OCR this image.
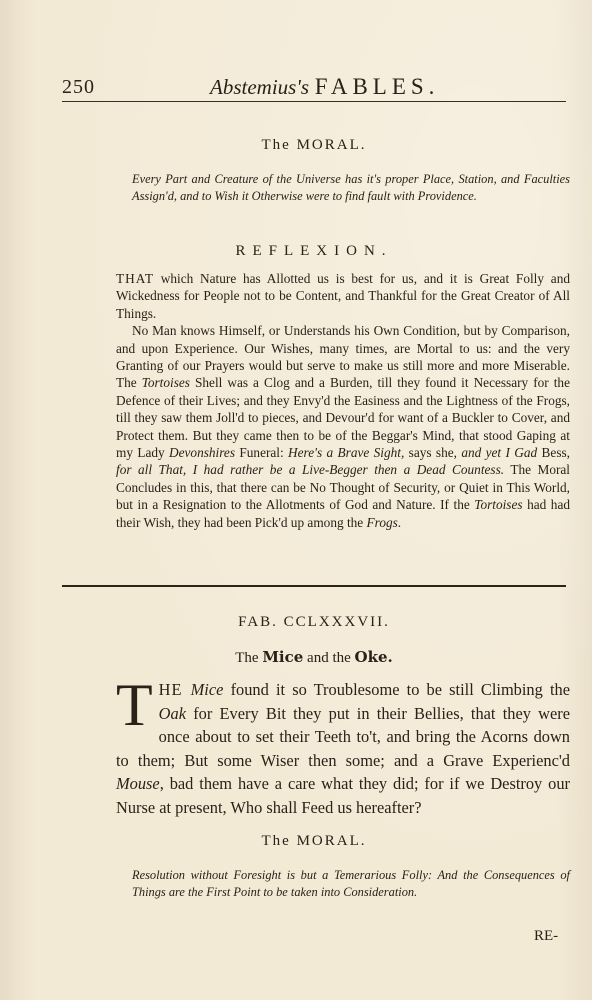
250	Abstemius's FABLES.
The MORAL.
Every Part and Creature of the Universe has it's proper Place, Station, and Faculties Assign'd, and to Wish it Otherwise were to find fault with Providence.
REFLEXION.

THAT which Nature has Allotted us is best for us, and it is Great Folly and Wickedness for People not to be Content, and Thankful for the Great Creator of All Things.

No Man knows Himself, or Understands his Own Condition, but by Comparison, and upon Experience. Our Wishes, many times, are Mortal to us: and the very Granting of our Prayers would but serve to make us still more and more Miserable. The Tortoises Shell was a Clog and a Burden, till they found it Necessary for the Defence of their Lives; and they Envy'd the Easiness and the Lightness of the Frogs, till they saw them Joll'd to pieces, and Devour'd for want of a Buckler to Cover, and Protect them. But they came then to be of the Beggar's Mind, that stood Gaping at my Lady Devonshires Funeral: Here's a Brave Sight, says she, and yet I Gad Bess, for all That, I had rather be a Live-Begger then a Dead Countess. The Moral Concludes in this, that there can be No Thought of Security, or Quiet in This World, but in a Resignation to the Allotments of God and Nature. If the Tortoises had had their Wish, they had been Pick'd up among the Frogs.

FAB. CCLXXXVII.
The Mice and the Oke.
THE Mice found it so Troublesome to be still Climbing the Oak for Every Bit they put in their Bellies, that they were once about to set their Teeth to't, and bring the Acorns down to them; But some Wiser then some; and a Grave Experienc'd Mouse, bad them have a care what they did; for if we Destroy our Nurse at present, Who shall Feed us hereafter?
The MORAL.
Resolution without Foresight is but a Temerarious Folly: And the Consequences of Things are the First Point to be taken into Consideration.
RE-
